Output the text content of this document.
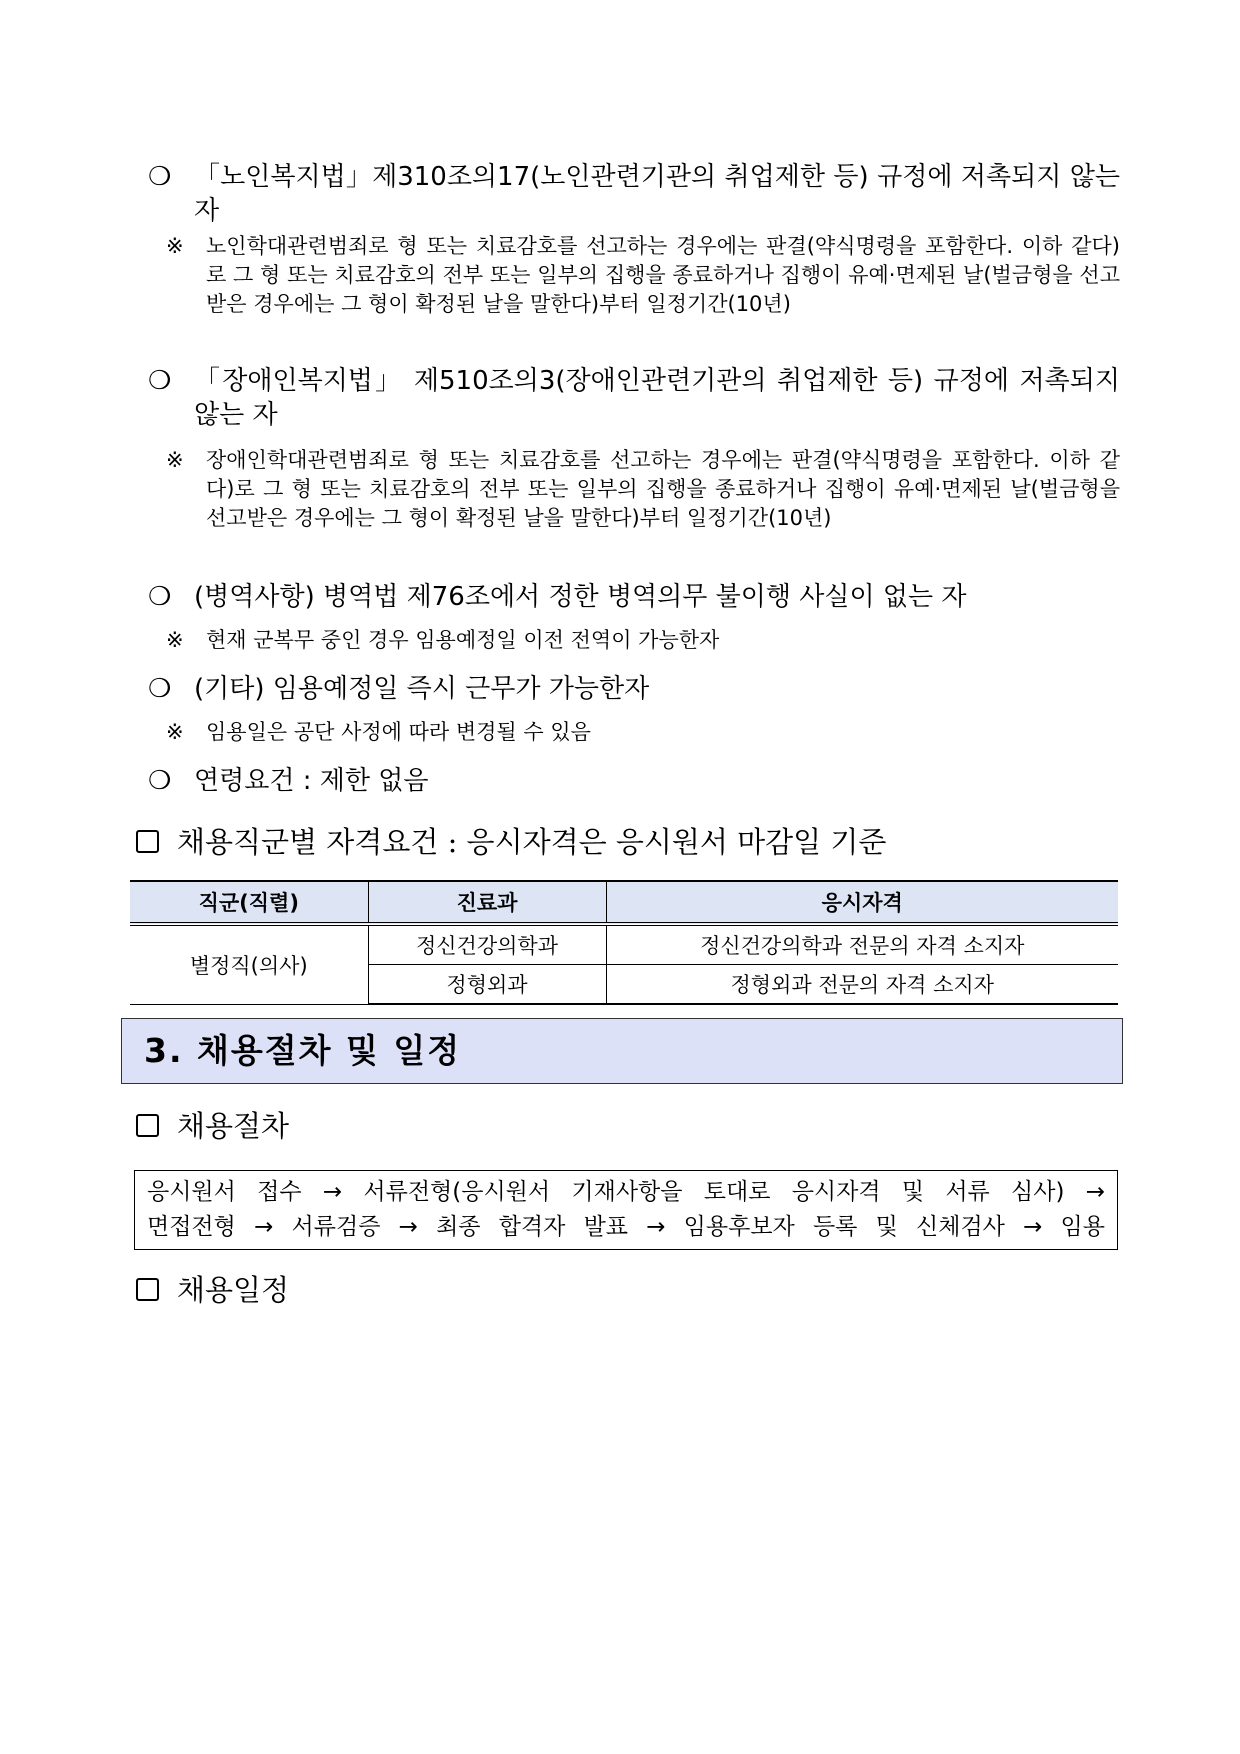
❍ 「노인복지법」제310조의17(노인관련기관의 취업제한 등) 규정에 저촉되지 않는 자
※ 노인학대관련범죄로 형 또는 치료감호를 선고하는 경우에는 판결(약식명령을 포함한다. 이하 같다)로 그 형 또는 치료감호의 전부 또는 일부의 집행을 종료하거나 집행이 유예·면제된 날(벌금형을 선고받은 경우에는 그 형이 확정된 날을 말한다)부터 일정기간(10년)
❍ 「장애인복지법」 제510조의3(장애인관련기관의 취업제한 등) 규정에 저촉되지 않는 자
※ 장애인학대관련범죄로 형 또는 치료감호를 선고하는 경우에는 판결(약식명령을 포함한다. 이하 같다)로 그 형 또는 치료감호의 전부 또는 일부의 집행을 종료하거나 집행이 유예·면제된 날(벌금형을 선고받은 경우에는 그 형이 확정된 날을 말한다)부터 일정기간(10년)
❍ (병역사항) 병역법 제76조에서 정한 병역의무 불이행 사실이 없는 자
※ 현재 군복무 중인 경우 임용예정일 이전 전역이 가능한자
❍ (기타) 임용예정일 즉시 근무가 가능한자
※ 임용일은 공단 사정에 따라 변경될 수 있음
❍ 연령요건 : 제한 없음
채용직군별 자격요건 : 응시자격은 응시원서 마감일 기준
직군(직렬)	진료과	응시자격
별정직(의사)	정신건강의학과	정신건강의학과 전문의 자격 소지자
	정형외과	정형외과 전문의 자격 소지자
3. 채용절차 및 일정
채용절차
응시원서 접수 → 서류전형(응시원서 기재사항을 토대로 응시자격 및 서류 심사) →
면접전형 → 서류검증 → 최종 합격자 발표 → 임용후보자 등록 및 신체검사 → 임용
채용일정
